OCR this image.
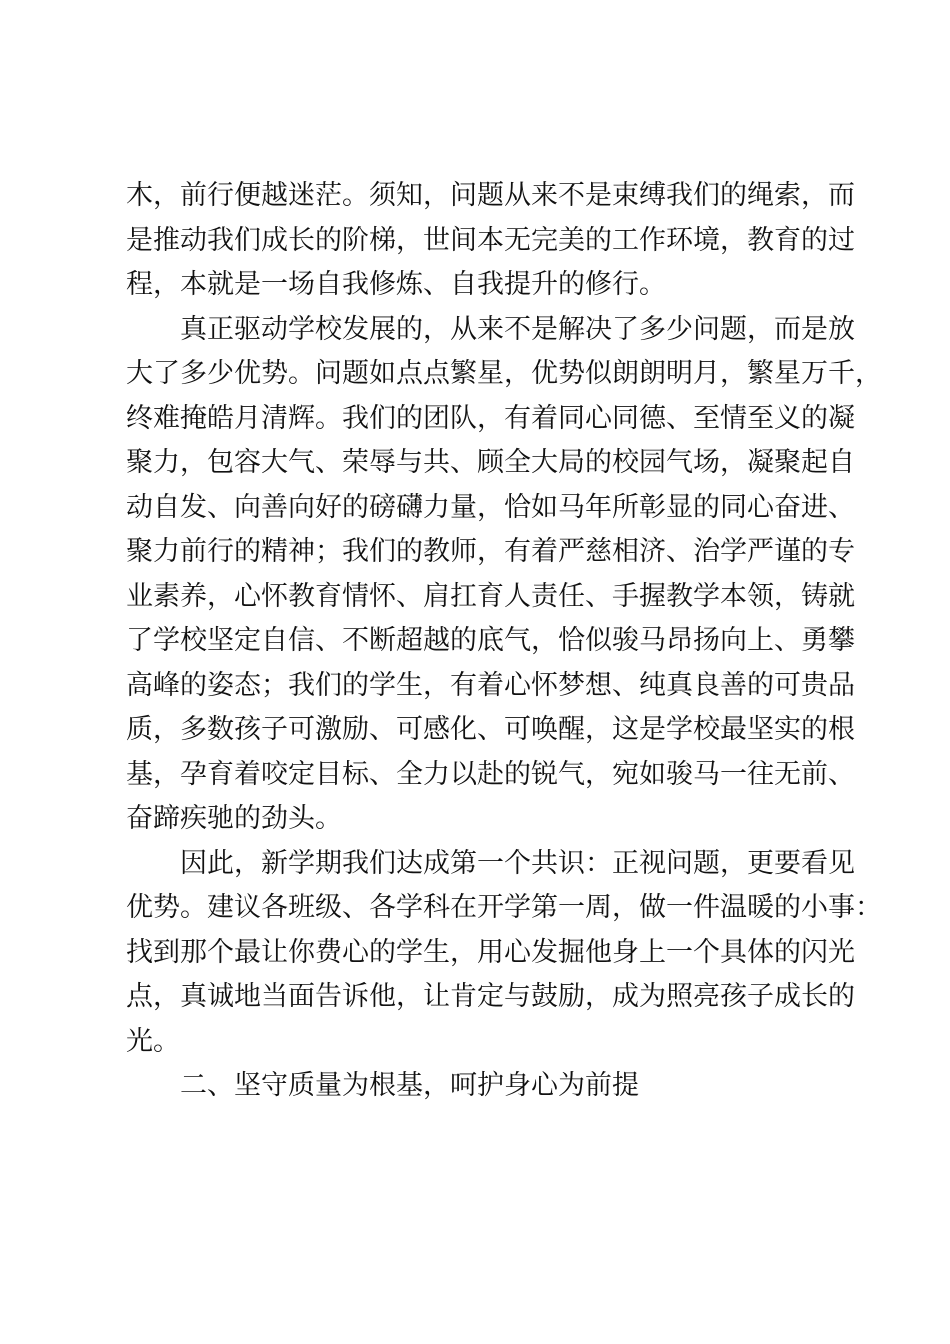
木，前行便越迷茫。须知，问题从来不是束缚我们的绳索，而
是推动我们成长的阶梯，世间本无完美的工作环境，教育的过
程，本就是一场自我修炼、自我提升的修行。
真正驱动学校发展的，从来不是解决了多少问题，而是放
大了多少优势。问题如点点繁星，优势似朗朗明月，繁星万千，
终难掩皓月清辉。我们的团队，有着同心同德、至情至义的凝
聚力，包容大气、荣辱与共、顾全大局的校园气场，凝聚起自
动自发、向善向好的磅礴力量，恰如马年所彰显的同心奋进、
聚力前行的精神；我们的教师，有着严慈相济、治学严谨的专
业素养，心怀教育情怀、肩扛育人责任、手握教学本领，铸就
了学校坚定自信、不断超越的底气，恰似骏马昂扬向上、勇攀
高峰的姿态；我们的学生，有着心怀梦想、纯真良善的可贵品
质，多数孩子可激励、可感化、可唤醒，这是学校最坚实的根
基，孕育着咬定目标、全力以赴的锐气，宛如骏马一往无前、
奋蹄疾驰的劲头。
因此，新学期我们达成第一个共识：正视问题，更要看见
优势。建议各班级、各学科在开学第一周，做一件温暖的小事：
找到那个最让你费心的学生，用心发掘他身上一个具体的闪光
点，真诚地当面告诉他，让肯定与鼓励，成为照亮孩子成长的
光。
二、坚守质量为根基，呵护身心为前提
